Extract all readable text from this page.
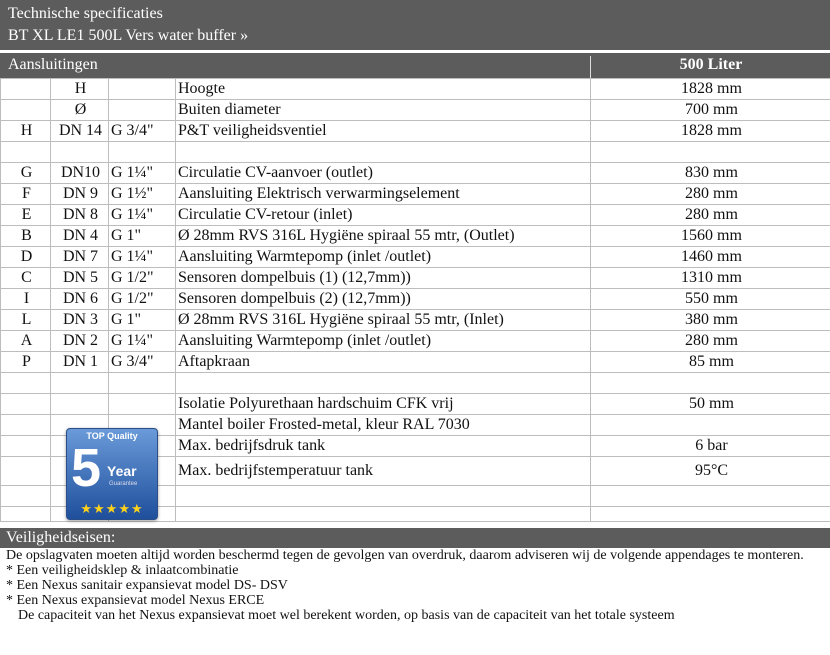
Technische specificaties
BT XL LE1 500L Vers water buffer »
Aansluitingen	500 Liter
	H		Hoogte	1828 mm
	Ø		Buiten diameter	700 mm
H	DN 14	G 3/4"	P&T veiligheidsventiel	1828 mm

G	DN10	G 1¼"	Circulatie CV-aanvoer (outlet)	830 mm
F	DN 9	G 1½"	Aansluiting Elektrisch verwarmingselement	280 mm
E	DN 8	G 1¼"	Circulatie CV-retour (inlet)	280 mm
B	DN 4	G 1"	Ø 28mm RVS 316L Hygiëne spiraal 55 mtr, (Outlet)	1560 mm
D	DN 7	G 1¼"	Aansluiting Warmtepomp (inlet /outlet)	1460 mm
C	DN 5	G 1/2"	Sensoren dompelbuis (1) (12,7mm))	1310 mm
I	DN 6	G 1/2"	Sensoren dompelbuis (2) (12,7mm))	550 mm
L	DN 3	G 1"	Ø 28mm RVS 316L Hygiëne spiraal 55 mtr, (Inlet)	380 mm
A	DN 2	G 1¼"	Aansluiting Warmtepomp (inlet /outlet)	280 mm
P	DN 1	G 3/4"	Aftapkraan	85 mm

			Isolatie Polyurethaan hardschuim CFK vrij	50 mm
			Mantel boiler Frosted-metal, kleur RAL 7030	
			Max. bedrijfsdruk tank	6 bar
			Max. bedrijfstemperatuur tank	95°C

TOP Quality
5 Year
Guarantee
★★★★★
Veiligheidseisen:

De opslagvaten moeten altijd worden beschermd tegen de gevolgen van overdruk, daarom adviseren wij de volgende appendages te monteren.

* Een veiligheidsklep & inlaatcombinatie

* Een Nexus sanitair expansievat model DS- DSV

* Een Nexus expansievat model Nexus ERCE

De capaciteit van het Nexus expansievat moet wel berekent worden, op basis van de capaciteit van het totale systeem
